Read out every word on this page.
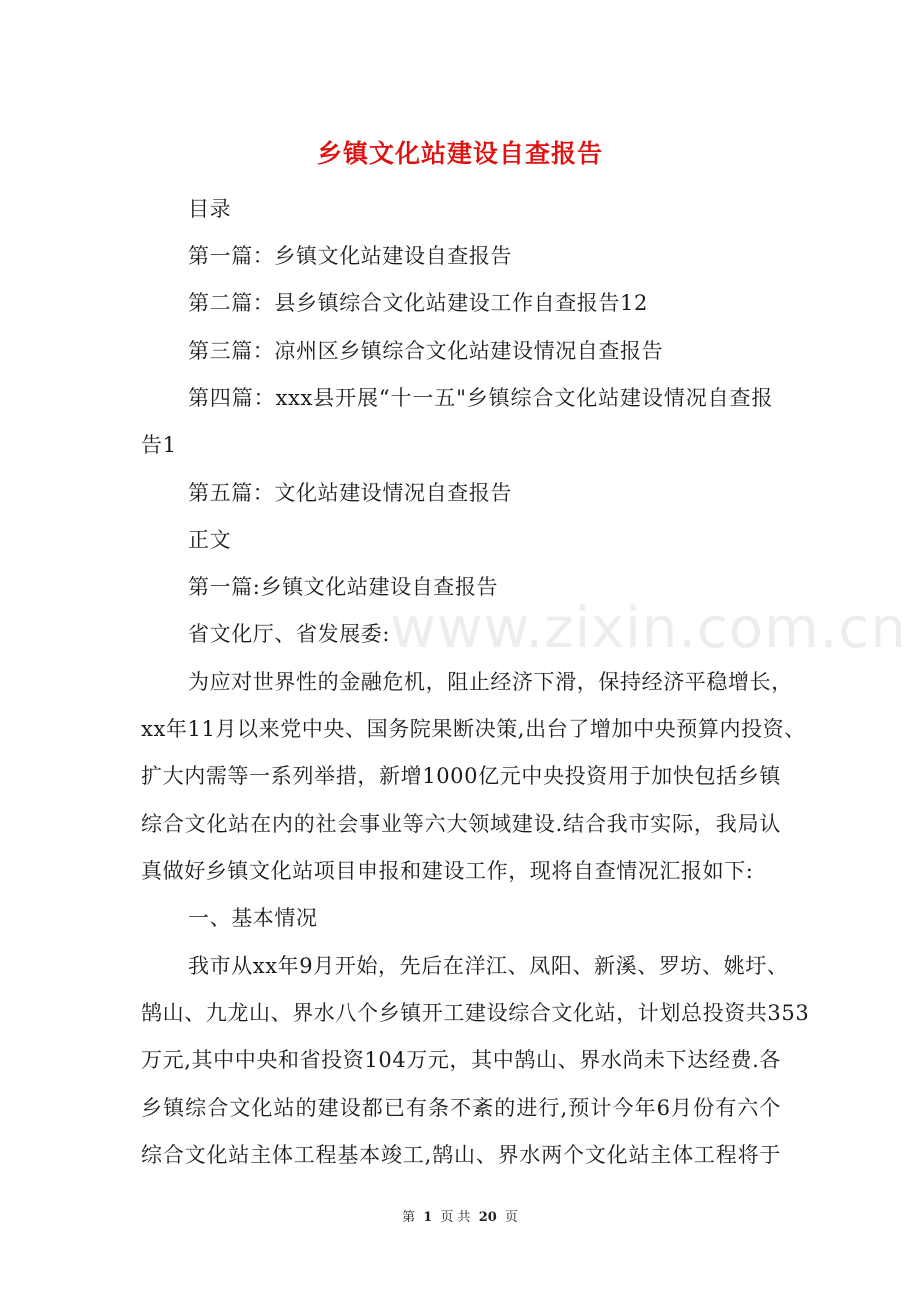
www.zixin.com.cn
乡镇文化站建设自查报告
目录
第一篇：乡镇文化站建设自查报告
第二篇：县乡镇综合文化站建设工作自查报告12
第三篇：凉州区乡镇综合文化站建设情况自查报告
第四篇：xxx县开展“十一五"乡镇综合文化站建设情况自查报
告1
第五篇：文化站建设情况自查报告
正文
第一篇:乡镇文化站建设自查报告
省文化厅、省发展委:
为应对世界性的金融危机，阻止经济下滑，保持经济平稳增长，
xx年11月以来党中央、国务院果断决策,出台了增加中央预算内投资、
扩大内需等一系列举措，新增1000亿元中央投资用于加快包括乡镇
综合文化站在内的社会事业等六大领域建设.结合我市实际，我局认
真做好乡镇文化站项目申报和建设工作，现将自查情况汇报如下:
一、基本情况
我市从xx年9月开始，先后在洋江、凤阳、新溪、罗坊、姚圩、
鹄山、九龙山、界水八个乡镇开工建设综合文化站，计划总投资共353
万元,其中中央和省投资104万元，其中鹄山、界水尚未下达经费.各
乡镇综合文化站的建设都已有条不紊的进行,预计今年6月份有六个
综合文化站主体工程基本竣工,鹄山、界水两个文化站主体工程将于
第 1 页 共 20 页
